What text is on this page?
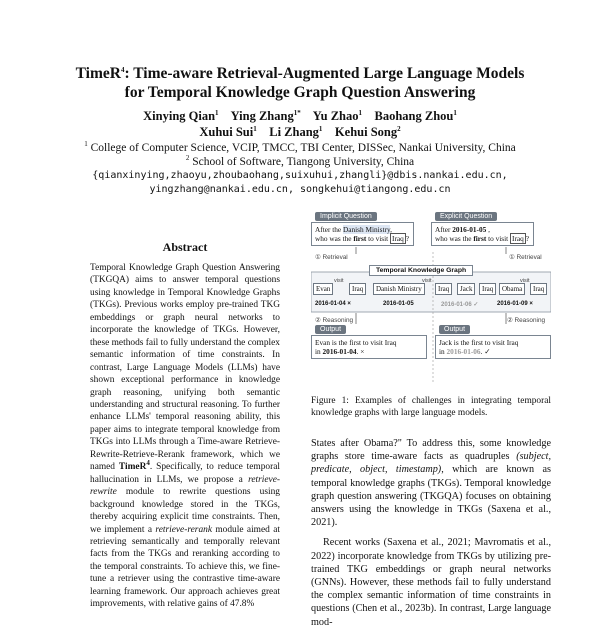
TimeR$^4$: Time-aware Retrieval-Augmented Large Language Models
for Temporal Knowledge Graph Question Answering
Xinying Qian$^1$ Ying Zhang$^{1*}$ Yu Zhao$^1$ Baohang Zhou$^1$
Xuhui Sui$^1$ Li Zhang$^1$ Kehui Song$^2$
$^1$ College of Computer Science, VCIP, TMCC, TBI Center, DISSec, Nankai University, China
$^2$ School of Software, Tiangong University, China
{qianxinying,zhaoyu,zhoubaohang,suixuhui,zhangli}@dbis.nankai.edu.cn,
yingzhang@nankai.edu.cn, songkehui@tiangong.edu.cn
Abstract
Temporal Knowledge Graph Question Answering (TKGQA) aims to answer temporal questions using knowledge in Temporal Knowledge Graphs (TKGs). Previous works employ pre-trained TKG embeddings or graph neural networks to incorporate the knowledge of TKGs. However, these methods fail to fully understand the complex semantic information of time constraints. In contrast, Large Language Models (LLMs) have shown exceptional performance in knowledge graph reasoning, unifying both semantic understanding and structural reasoning. To further enhance LLMs' temporal reasoning ability, this paper aims to integrate temporal knowledge from TKGs into LLMs through a Time-aware Retrieve-Rewrite-Retrieve-Rerank framework, which we named TimeR$^4$. Specifically, to reduce temporal hallucination in LLMs, we propose a retrieve-rewrite module to rewrite questions using background knowledge stored in the TKGs, thereby acquiring explicit time constraints. Then, we implement a retrieve-rerank module aimed at retrieving semantically and temporally relevant facts from the TKGs and reranking according to the temporal constraints. To achieve this, we fine-tune a retriever using the contrastive time-aware learning framework. Our approach achieves great improvements, with relative gains of 47.8%
Implicit Question
After the Danish Ministry,
who was the first to visit Iraq ?
Explicit Question
After 2016-01-05 ,
who was the first to visit Iraq ?
① Retrieval	① Retrieval
Temporal Knowledge Graph
Evan
visit
Iraq	Danish Ministry
visit
Iraq	Jack	Iraq	Obama
visit
Iraq
2016-01-04 ×	2016-01-05	2016-01-06 ✓	2016-01-09 ×
② Reasoning	② Reasoning
Output
Evan is the first to visit Iraq
in 2016-01-04. ×
Output
Jack is the first to visit Iraq
in 2016-01-06. ✓
Figure 1: Examples of challenges in integrating temporal knowledge graphs with large language models.

States after Obama?" To address this, some knowledge graphs store time-aware facts as quadruples (subject, predicate, object, timestamp), which are known as temporal knowledge graphs (TKGs). Temporal knowledge graph question answering (TKGQA) focuses on obtaining answers using the knowledge in TKGs (Saxena et al., 2021).

Recent works (Saxena et al., 2021; Mavromatis et al., 2022) incorporate knowledge from TKGs by utilizing pre-trained TKG embeddings or graph neural networks (GNNs). However, these methods fail to fully understand the complex semantic information of time constraints in questions (Chen et al., 2023b). In contrast, Large language mod-
